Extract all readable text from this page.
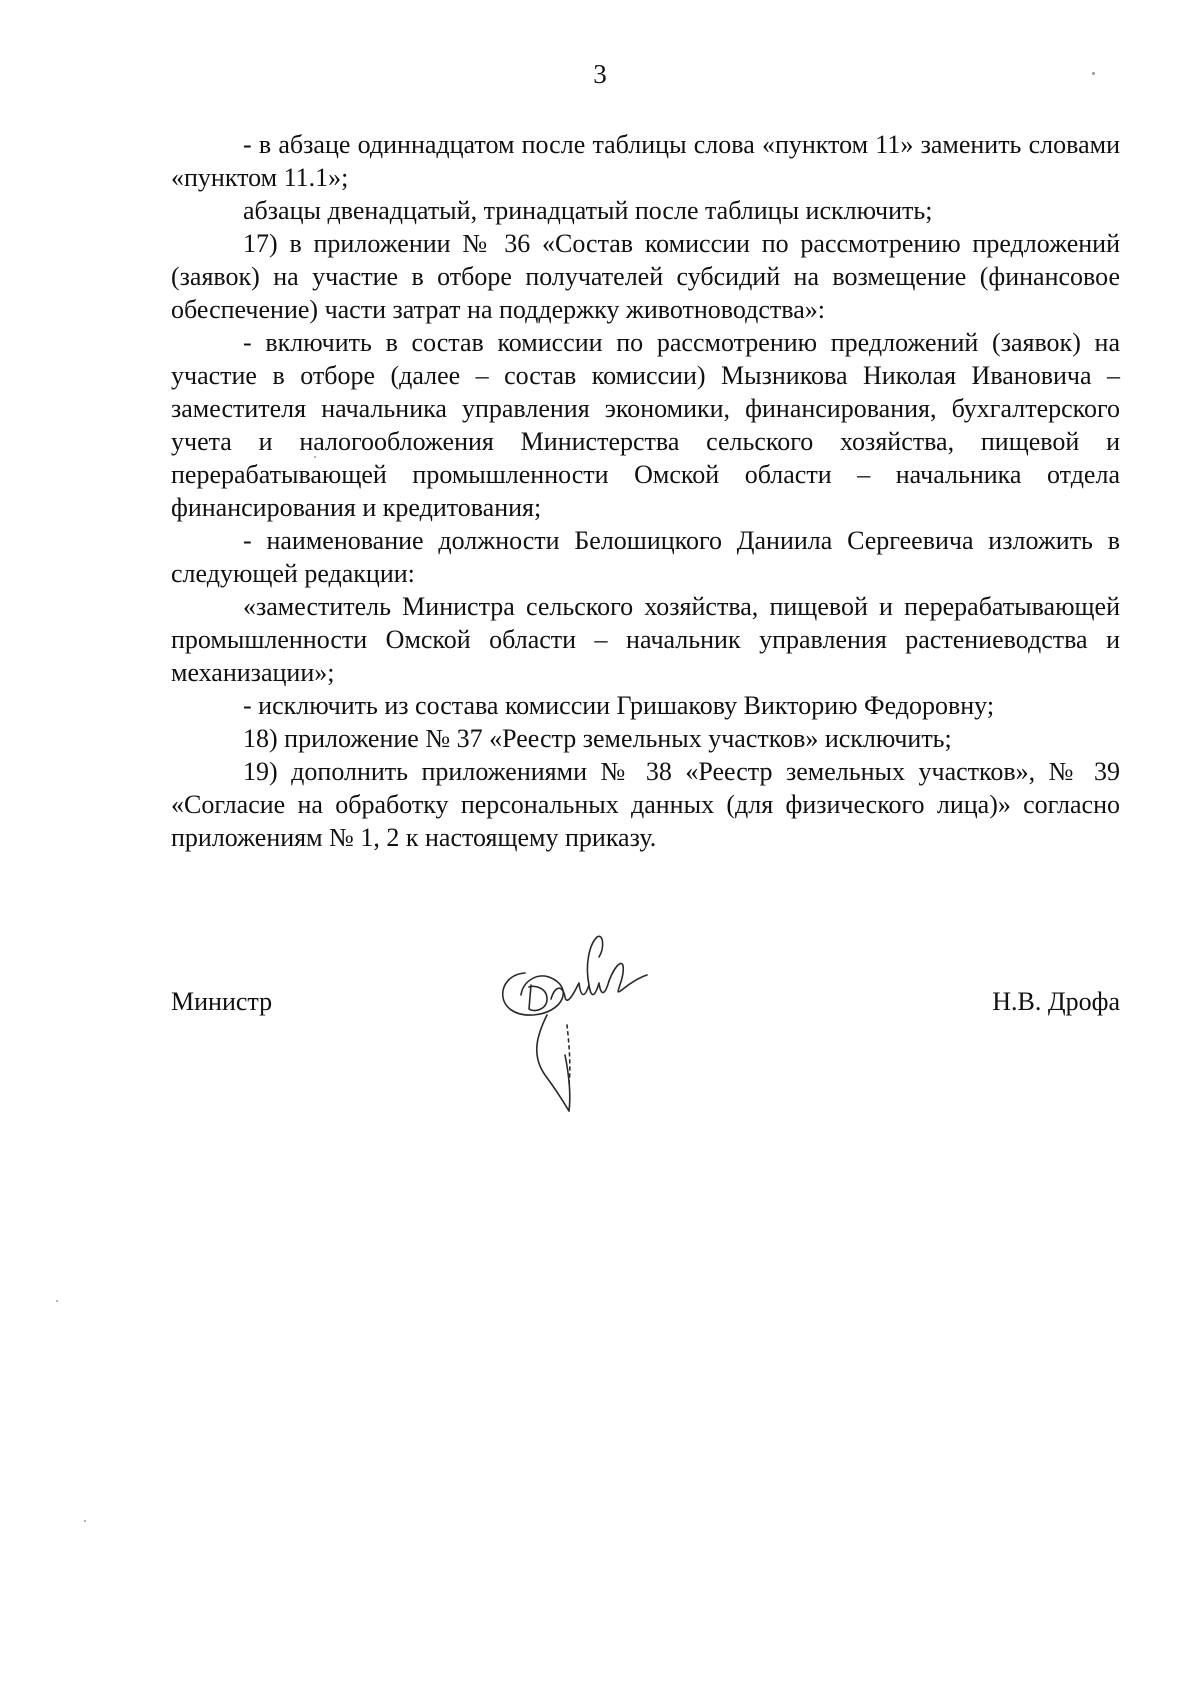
3

- в абзаце одиннадцатом после таблицы слова «пунктом 11» заменить словами «пунктом 11.1»;

абзацы двенадцатый, тринадцатый после таблицы исключить;

17) в приложении № 36 «Состав комиссии по рассмотрению предложений (заявок) на участие в отборе получателей субсидий на возмещение (финансовое обеспечение) части затрат на поддержку животноводства»:

- включить в состав комиссии по рассмотрению предложений (заявок) на участие в отборе (далее – состав комиссии) Мызникова Николая Ивановича – заместителя начальника управления экономики, финансирования, бухгалтерского учета и налогообложения Министерства сельского хозяйства, пищевой и перерабатывающей промышленности Омской области – начальника отдела финансирования и кредитования;

- наименование должности Белошицкого Даниила Сергеевича изложить в следующей редакции:

«заместитель Министра сельского хозяйства, пищевой и перерабатывающей промышленности Омской области – начальник управления растениеводства и механизации»;

- исключить из состава комиссии Гришакову Викторию Федоровну;

18) приложение № 37 «Реестр земельных участков» исключить;

19) дополнить приложениями № 38 «Реестр земельных участков», № 39 «Согласие на обработку персональных данных (для физического лица)» согласно приложениям № 1, 2 к настоящему приказу.

Министр	Н.В. Дрофа
